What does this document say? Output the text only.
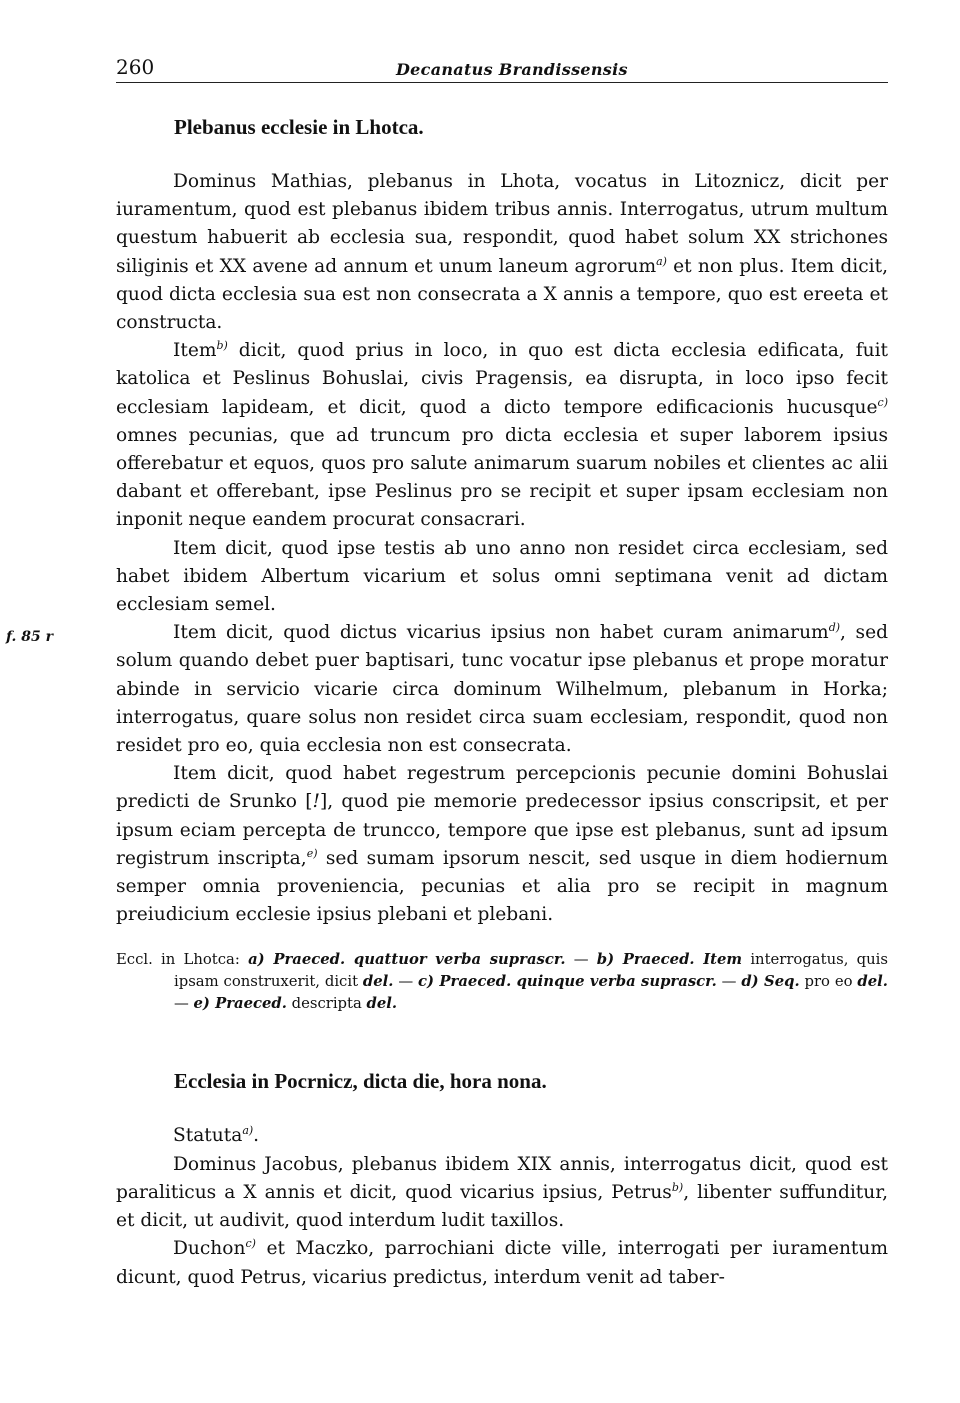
260	Decanatus Brandissensis
Plebanus ecclesie in Lhotca.

Dominus Mathias, plebanus in Lhota, vocatus in Litoznicz, dicit per iuramentum, quod est plebanus ibidem tribus annis. Interrogatus, utrum multum questum habuerit ab ecclesia sua, respondit, quod habet solum XX strichones siliginis et XX avene ad annum et unum laneum agrorum$^{a)}$ et non plus. Item dicit, quod dicta ecclesia sua est non consecrata a X annis a tempore, quo est ereeta et constructa.

Item$^{b)}$ dicit, quod prius in loco, in quo est dicta ecclesia edificata, fuit katolica et Peslinus Bohuslai, civis Pragensis, ea disrupta, in loco ipso fecit ecclesiam lapideam, et dicit, quod a dicto tempore edificacionis hucusque$^{c)}$ omnes pecunias, que ad truncum pro dicta ecclesia et super laborem ipsius offerebatur et equos, quos pro salute animarum suarum nobiles et clientes ac alii dabant et offerebant, ipse Peslinus pro se recipit et super ipsam ecclesiam non inponit neque eandem procurat consacrari.

Item dicit, quod ipse testis ab uno anno non residet circa ecclesiam, sed habet ibidem Albertum vicarium et solus omni septimana venit ad dictam ecclesiam semel.

f. 85 r	Item dicit, quod dictus vicarius ipsius non habet curam animarum$^{d)}$, sed solum quando debet puer baptisari, tunc vocatur ipse plebanus et prope moratur abinde in servicio vicarie circa dominum Wilhelmum, plebanum in Horka; interrogatus, quare solus non residet circa suam ecclesiam, respondit, quod non residet pro eo, quia ecclesia non est consecrata.

Item dicit, quod habet regestrum percepcionis pecunie domini Bohuslai predicti de Srunko [!], quod pie memorie predecessor ipsius conscripsit, et per ipsum eciam percepta de truncco, tempore que ipse est plebanus, sunt ad ipsum registrum inscripta,$^{e)}$ sed sumam ipsorum nescit, sed usque in diem hodiernum semper omnia proveniencia, pecunias et alia pro se recipit in magnum preiudicium ecclesie ipsius plebani et plebani.

Eccl. in Lhotca: a) Praeced. quattuor verba suprascr. — b) Praeced. Item interrogatus, quis ipsam construxerit, dicit del. — c) Praeced. quinque verba suprascr. — d) Seq. pro eo del. — e) Praeced. descripta del.

Ecclesia in Pocrnicz, dicta die, hora nona.

Statuta$^{a)}$.

Dominus Jacobus, plebanus ibidem XIX annis, interrogatus dicit, quod est paraliticus a X annis et dicit, quod vicarius ipsius, Petrus$^{b)}$, libenter suffunditur, et dicit, ut audivit, quod interdum ludit taxillos.

Duchon$^{c)}$ et Maczko, parrochiani dicte ville, interrogati per iuramentum dicunt, quod Petrus, vicarius predictus, interdum venit ad taber-
